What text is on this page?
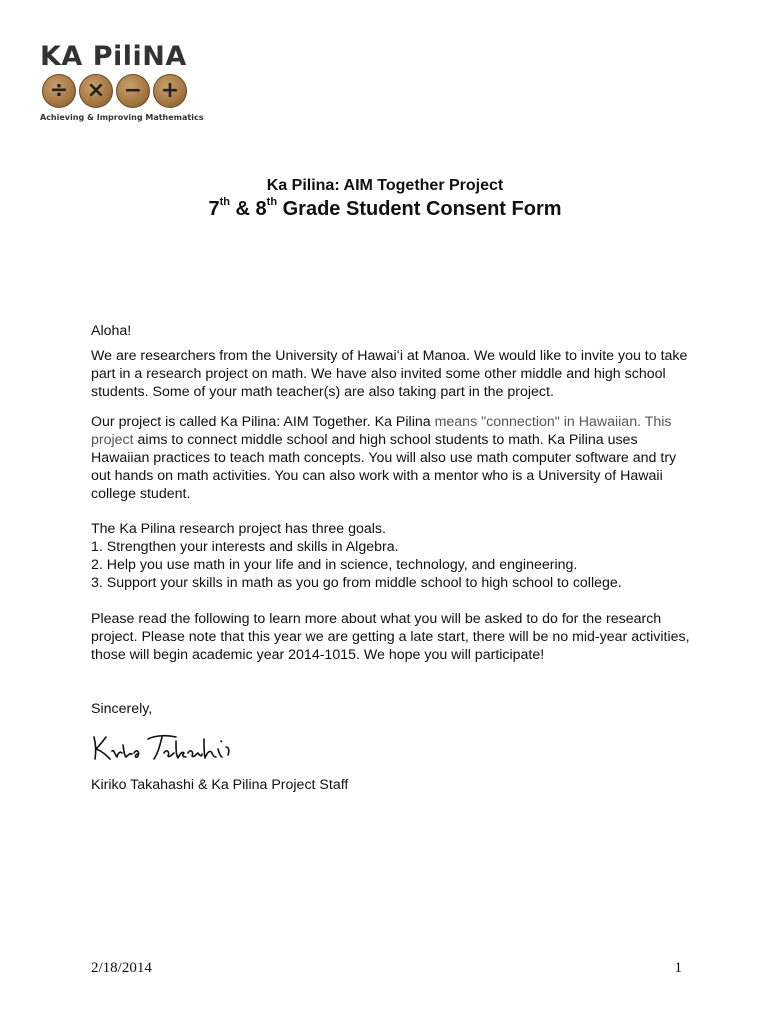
KA PiliNA
÷ × − +
Achieving & Improving Mathematics
Ka Pilina: AIM Together Project
7th & 8th Grade Student Consent Form

Aloha!

We are researchers from the University of Hawaiʻi at Manoa. We would like to invite you to take part in a research project on math. We have also invited some other middle and high school students. Some of your math teacher(s) are also taking part in the project.

Our project is called Ka Pilina: AIM Together. Ka Pilina means "connection" in Hawaiian. This project aims to connect middle school and high school students to math. Ka Pilina uses Hawaiian practices to teach math concepts. You will also use math computer software and try out hands on math activities. You can also work with a mentor who is a University of Hawaii college student.

The Ka Pilina research project has three goals.

1. Strengthen your interests and skills in Algebra.

2. Help you use math in your life and in science, technology, and engineering.

3. Support your skills in math as you go from middle school to high school to college.

Please read the following to learn more about what you will be asked to do for the research project. Please note that this year we are getting a late start, there will be no mid-year activities, those will begin academic year 2014-1015. We hope you will participate!

Sincerely,

Kiriko Takahashi & Ka Pilina Project Staff

2/18/2014	1
